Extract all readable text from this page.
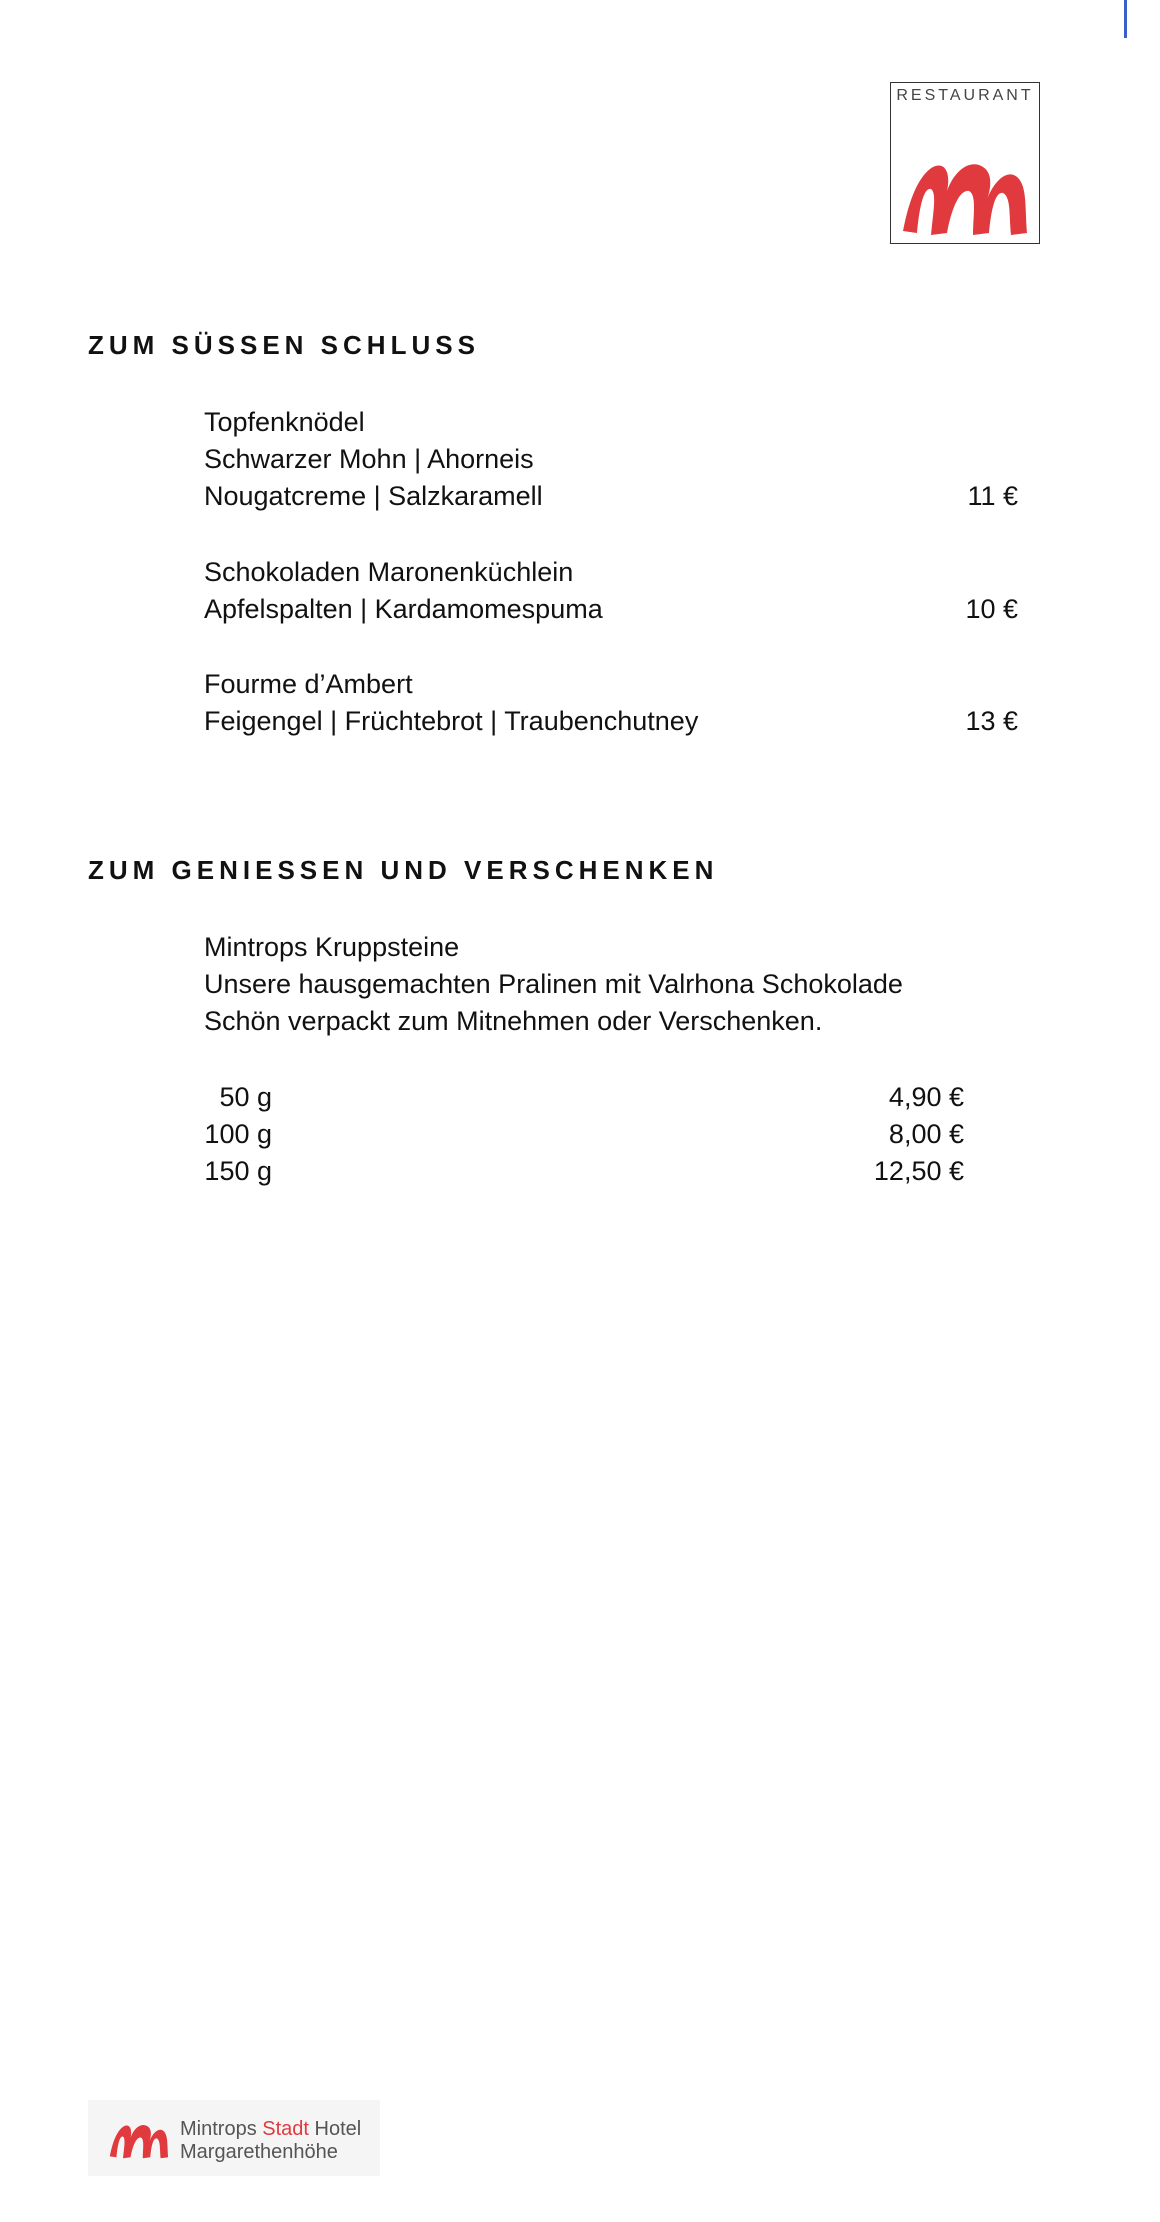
RESTAURANT
ZUM SÜSSEN SCHLUSS
Topfenknödel
Schwarzer Mohn | Ahorneis
Nougatcreme | Salzkaramell	11 €
Schokoladen Maronenküchlein
Apfelspalten | Kardamomespuma	10 €
Fourme d’Ambert
Feigengel | Früchtebrot | Traubenchutney	13 €
ZUM GENIESSEN UND VERSCHENKEN
Mintrops Kruppsteine
Unsere hausgemachten Pralinen mit Valrhona Schokolade
Schön verpackt zum Mitnehmen oder Verschenken.
50 g	4,90 €
100 g	8,00 €
150 g	12,50 €
Mintrops Stadt Hotel
Margarethenhöhe
